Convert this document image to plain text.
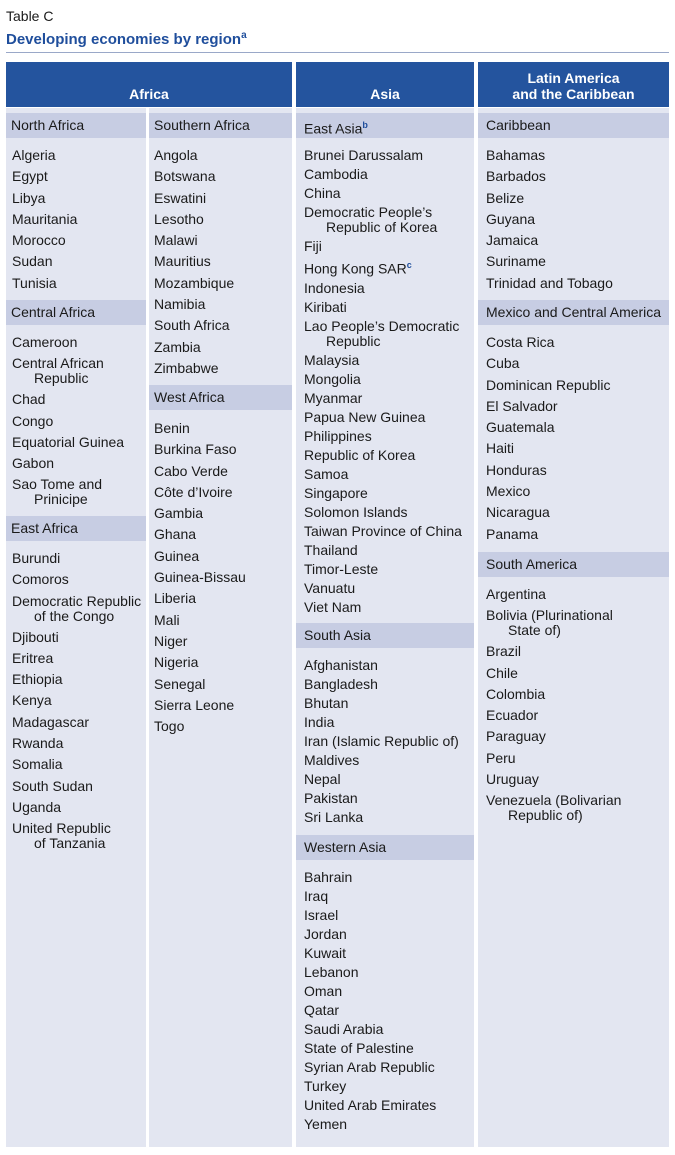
Table C
Developing economies by region$^a$
Africa	Asia
Latin America
and the Caribbean
North Africa
Algeria
Egypt
Libya
Mauritania
Morocco
Sudan
Tunisia
Central Africa
Cameroon
Central African
Republic
Chad
Congo
Equatorial Guinea
Gabon
Sao Tome and
Prinicipe
East Africa
Burundi
Comoros
Democratic Republic
of the Congo
Djibouti
Eritrea
Ethiopia
Kenya
Madagascar
Rwanda
Somalia
South Sudan
Uganda
United Republic
of Tanzania
Southern Africa
Angola
Botswana
Eswatini
Lesotho
Malawi
Mauritius
Mozambique
Namibia
South Africa
Zambia
Zimbabwe
West Africa
Benin
Burkina Faso
Cabo Verde
Côte d’Ivoire
Gambia
Ghana
Guinea
Guinea-Bissau
Liberia
Mali
Niger
Nigeria
Senegal
Sierra Leone
Togo
East Asia$^b$
Brunei Darussalam
Cambodia
China
Democratic People’s
Republic of Korea
Fiji
Hong Kong SAR$^c$
Indonesia
Kiribati
Lao People’s Democratic
Republic
Malaysia
Mongolia
Myanmar
Papua New Guinea
Philippines
Republic of Korea
Samoa
Singapore
Solomon Islands
Taiwan Province of China
Thailand
Timor-Leste
Vanuatu
Viet Nam
South Asia
Afghanistan
Bangladesh
Bhutan
India
Iran (Islamic Republic of)
Maldives
Nepal
Pakistan
Sri Lanka
Western Asia
Bahrain
Iraq
Israel
Jordan
Kuwait
Lebanon
Oman
Qatar
Saudi Arabia
State of Palestine
Syrian Arab Republic
Turkey
United Arab Emirates
Yemen
Caribbean
Bahamas
Barbados
Belize
Guyana
Jamaica
Suriname
Trinidad and Tobago
Mexico and Central America
Costa Rica
Cuba
Dominican Republic
El Salvador
Guatemala
Haiti
Honduras
Mexico
Nicaragua
Panama
South America
Argentina
Bolivia (Plurinational
State of)
Brazil
Chile
Colombia
Ecuador
Paraguay
Peru
Uruguay
Venezuela (Bolivarian
Republic of)
